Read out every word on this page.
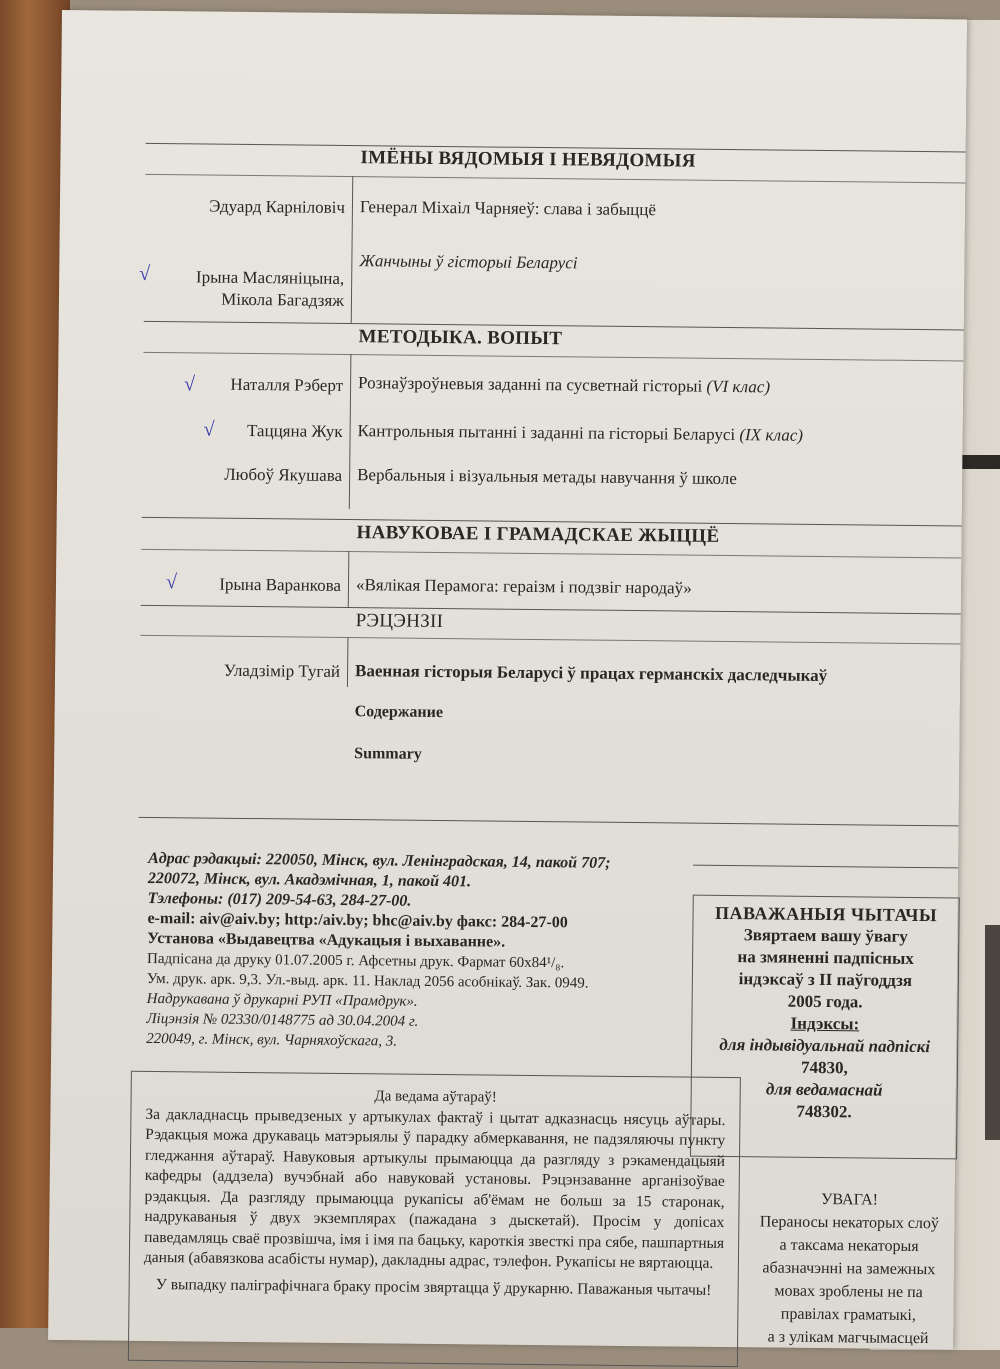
ІМЁНЫ ВЯДОМЫЯ І НЕВЯДОМЫЯ
Эдуард Карніловіч Генерал Міхаіл Чарняеў: слава і забыццё
√	Ірына Масляніцына,
Мікола Багадзяж
Жанчыны ў гісторыі Беларусі
МЕТОДЫКА. ВОПЫТ
√	Наталля Рэберт Рознаўзроўневыя заданні па сусветнай гісторыі (VI клас)
√	Таццяна Жук Кантрольныя пытанні і заданні па гісторыі Беларусі (IX клас)
Любоў Якушава Вербальныя і візуальныя метады навучання ў школе
НАВУКОВАЕ І ГРАМАДСКАЕ ЖЫЦЦЁ
√	Ірына Варанкова «Вялікая Перамога: гераізм і подзвіг народаў»
РЭЦЭНЗІІ
Уладзімір Тугай Ваенная гісторыя Беларусі ў працах германскіх даследчыкаў
Содержание
Summary
Адрас рэдакцыі: 220050, Мінск, вул. Ленінградская, 14, пакой 707;
220072, Мінск, вул. Акадэмічная, 1, пакой 401.
Тэлефоны: (017) 209-54-63, 284-27-00.
e-mail: aiv@aiv.by; http:/aiv.by; bhc@aiv.by факс: 284-27-00
Установа «Выдавецтва «Адукацыя і выхаванне».
Падпісана да друку 01.07.2005 г. Афсетны друк. Фармат 60x84¹/₈.
Ум. друк. арк. 9,3. Ул.-выд. арк. 11. Наклад 2056 асобнікаў. Зак. 0949.
Надрукавана ў друкарні РУП «Прамдрук».
Ліцэнзія № 02330/0148775 ад 30.04.2004 г.
220049, г. Мінск, вул. Чарняхоўскага, 3.
ПАВАЖАНЫЯ ЧЫТАЧЫ
Звяртаем вашу ўвагу
на змяненні падпісных
індэксаў з ІІ паўгоддзя
2005 года.
Індэксы:
для індывідуальнай падпіскі
74830,
для ведамаснай
748302.
Да ведама аўтараў!
За дакладнасць прыведзеных у артыкулах фактаў і цытат адказнасць нясуць аўтары. Рэдакцыя можа друкаваць матэрыялы ў парадку абмеркавання, не падзяляючы пункту гледжання аўтараў. Навуковыя артыкулы прымаюцца да разгляду з рэкамендацыяй кафедры (аддзела) вучэбнай або навуковай установы. Рэцэнзаванне арганізоўвае рэдакцыя. Да разгляду прымаюцца рукапісы аб'ёмам не больш за 15 старонак, надрукаваныя ў двух экземплярах (пажадана з дыскетай). Просім у допісах паведамляць сваё прозвішча, імя і імя па бацьку, кароткія звесткі пра сябе, пашпартныя даныя (абавязкова асабісты нумар), дакладны адрас, тэлефон. Рукапісы не вяртаюцца.
У выпадку паліграфічнага браку просім звяртацца ў друкарню. Паважаныя чытачы!
УВАГА!
Пераносы некаторых слоў
а таксама некаторыя
абазначэнні на замежных
мовах зроблены не па
правілах граматыкі,
а з улікам магчымасцей
